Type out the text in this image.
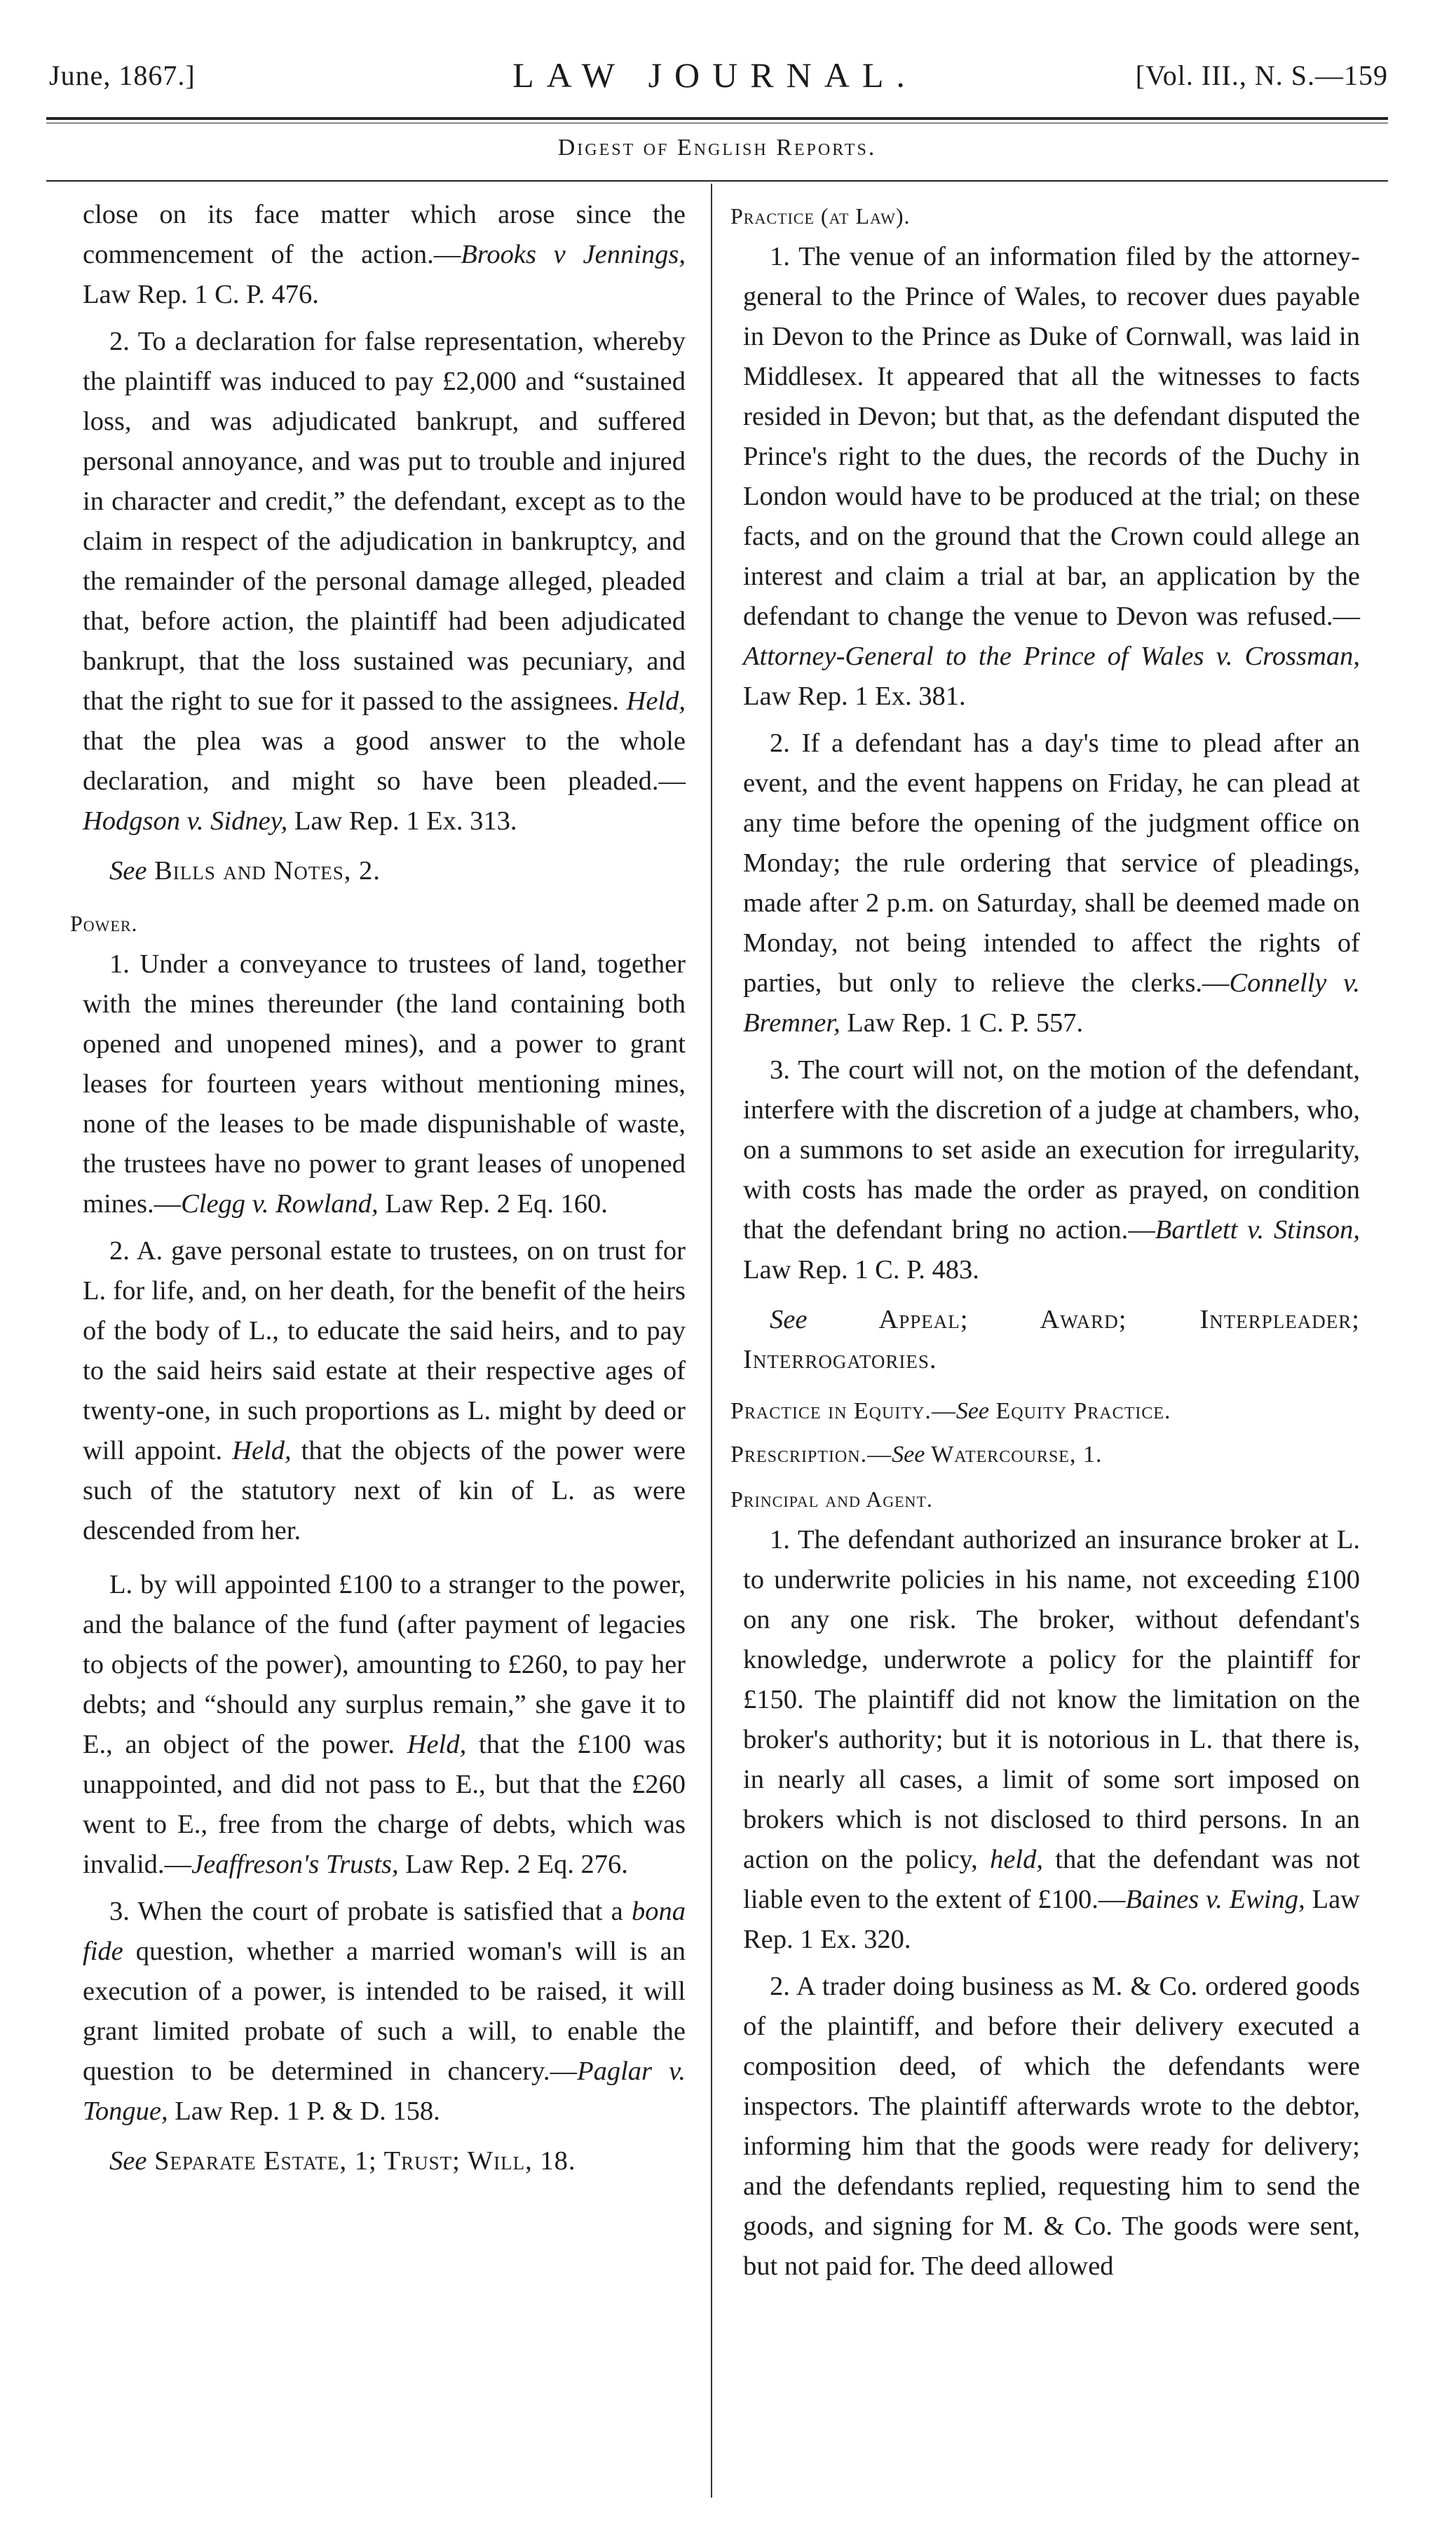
June, 1867.]	LAW JOURNAL.	[Vol. III., N. S.—159
Digest of English Reports.

close on its face matter which arose since the commencement of the action.—Brooks v Jennings, Law Rep. 1 C. P. 476.

2. To a declaration for false representation, whereby the plaintiff was induced to pay £2,000 and “sustained loss, and was adjudicated bankrupt, and suffered personal annoyance, and was put to trouble and injured in character and credit,” the defendant, except as to the claim in respect of the adjudication in bankruptcy, and the remainder of the personal damage alleged, pleaded that, before action, the plaintiff had been adjudicated bankrupt, that the loss sustained was pecuniary, and that the right to sue for it passed to the assignees. Held, that the plea was a good answer to the whole declaration, and might so have been pleaded.—Hodgson v. Sidney, Law Rep. 1 Ex. 313.

See Bills and Notes, 2.

Power.

1. Under a conveyance to trustees of land, together with the mines thereunder (the land containing both opened and unopened mines), and a power to grant leases for fourteen years without mentioning mines, none of the leases to be made dispunishable of waste, the trustees have no power to grant leases of unopened mines.—Clegg v. Rowland, Law Rep. 2 Eq. 160.

2. A. gave personal estate to trustees, on on trust for L. for life, and, on her death, for the benefit of the heirs of the body of L., to educate the said heirs, and to pay to the said heirs said estate at their respective ages of twenty-one, in such proportions as L. might by deed or will appoint. Held, that the objects of the power were such of the statutory next of kin of L. as were descended from her.

L. by will appointed £100 to a stranger to the power, and the balance of the fund (after payment of legacies to objects of the power), amounting to £260, to pay her debts; and “should any surplus remain,” she gave it to E., an object of the power. Held, that the £100 was unappointed, and did not pass to E., but that the £260 went to E., free from the charge of debts, which was invalid.—Jeaffreson's Trusts, Law Rep. 2 Eq. 276.

3. When the court of probate is satisfied that a bona fide question, whether a married woman's will is an execution of a power, is intended to be raised, it will grant limited probate of such a will, to enable the question to be determined in chancery.—Paglar v. Tongue, Law Rep. 1 P. & D. 158.

See Separate Estate, 1; Trust; Will, 18.

Practice (at Law).

1. The venue of an information filed by the attorney-general to the Prince of Wales, to recover dues payable in Devon to the Prince as Duke of Cornwall, was laid in Middlesex. It appeared that all the witnesses to facts resided in Devon; but that, as the defendant disputed the Prince's right to the dues, the records of the Duchy in London would have to be produced at the trial; on these facts, and on the ground that the Crown could allege an interest and claim a trial at bar, an application by the defendant to change the venue to Devon was refused.—Attorney-General to the Prince of Wales v. Crossman, Law Rep. 1 Ex. 381.

2. If a defendant has a day's time to plead after an event, and the event happens on Friday, he can plead at any time before the opening of the judgment office on Monday; the rule ordering that service of pleadings, made after 2 p.m. on Saturday, shall be deemed made on Monday, not being intended to affect the rights of parties, but only to relieve the clerks.—Connelly v. Bremner, Law Rep. 1 C. P. 557.

3. The court will not, on the motion of the defendant, interfere with the discretion of a judge at chambers, who, on a summons to set aside an execution for irregularity, with costs has made the order as prayed, on condition that the defendant bring no action.—Bartlett v. Stinson, Law Rep. 1 C. P. 483.

See Appeal; Award; Interpleader; Interrogatories.

Practice in Equity.—See Equity Practice.
Prescription.—See Watercourse, 1.
Principal and Agent.

1. The defendant authorized an insurance broker at L. to underwrite policies in his name, not exceeding £100 on any one risk. The broker, without defendant's knowledge, underwrote a policy for the plaintiff for £150. The plaintiff did not know the limitation on the broker's authority; but it is notorious in L. that there is, in nearly all cases, a limit of some sort imposed on brokers which is not disclosed to third persons. In an action on the policy, held, that the defendant was not liable even to the extent of £100.—Baines v. Ewing, Law Rep. 1 Ex. 320.

2. A trader doing business as M. & Co. ordered goods of the plaintiff, and before their delivery executed a composition deed, of which the defendants were inspectors. The plaintiff afterwards wrote to the debtor, informing him that the goods were ready for delivery; and the defendants replied, requesting him to send the goods, and signing for M. & Co. The goods were sent, but not paid for. The deed allowed
